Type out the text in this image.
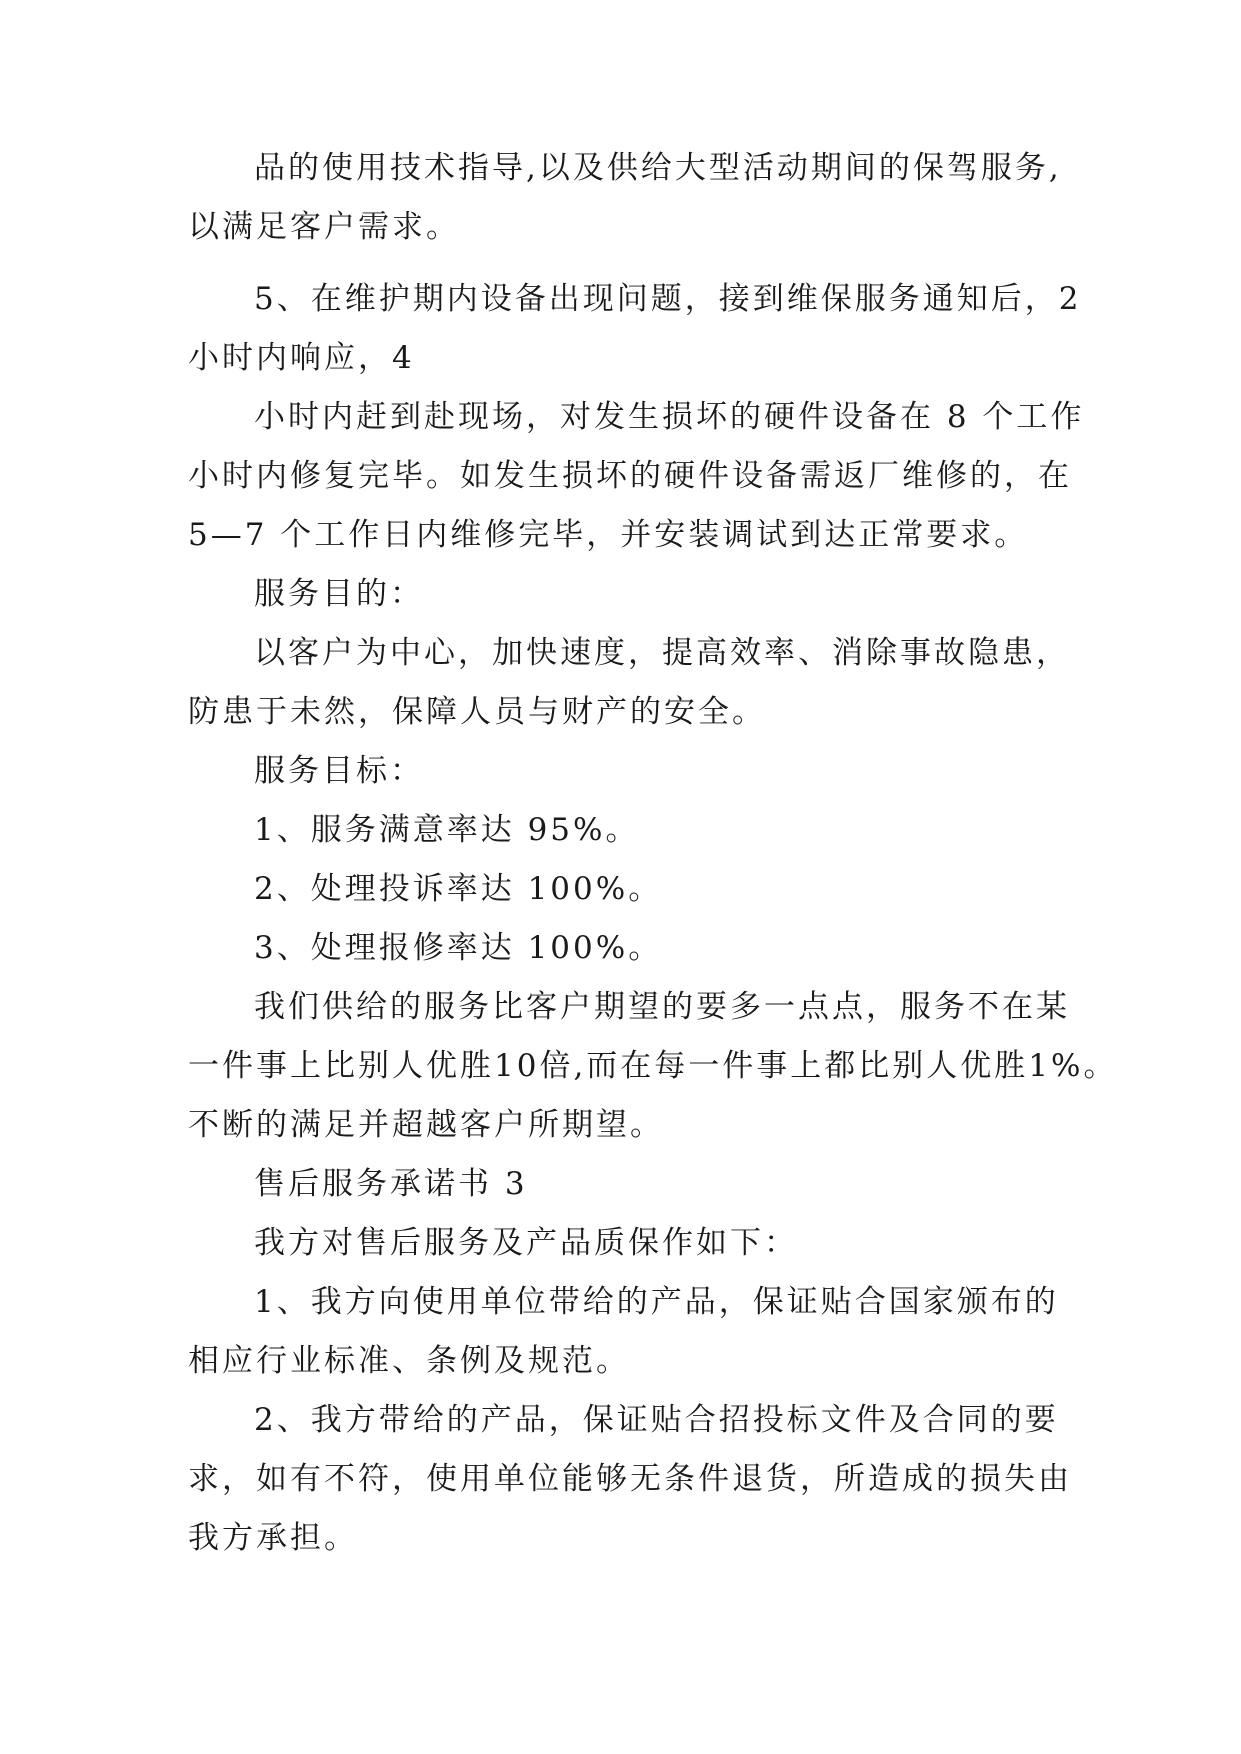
品的使用技术指导,以及供给大型活动期间的保驾服务,

以满足客户需求。

5、在维护期内设备出现问题，接到维保服务通知后，2

小时内响应，4

小时内赶到赴现场，对发生损坏的硬件设备在 8 个工作

小时内修复完毕。如发生损坏的硬件设备需返厂维修的，在

5—7 个工作日内维修完毕，并安装调试到达正常要求。

服务目的：

以客户为中心，加快速度，提高效率、消除事故隐患，

防患于未然，保障人员与财产的安全。

服务目标：

1、服务满意率达 95%。

2、处理投诉率达 100%。

3、处理报修率达 100%。

我们供给的服务比客户期望的要多一点点，服务不在某

一件事上比别人优胜10倍,而在每一件事上都比别人优胜1%。

不断的满足并超越客户所期望。

售后服务承诺书 3

我方对售后服务及产品质保作如下：

1、我方向使用单位带给的产品，保证贴合国家颁布的

相应行业标准、条例及规范。

2、我方带给的产品，保证贴合招投标文件及合同的要

求，如有不符，使用单位能够无条件退货，所造成的损失由

我方承担。
